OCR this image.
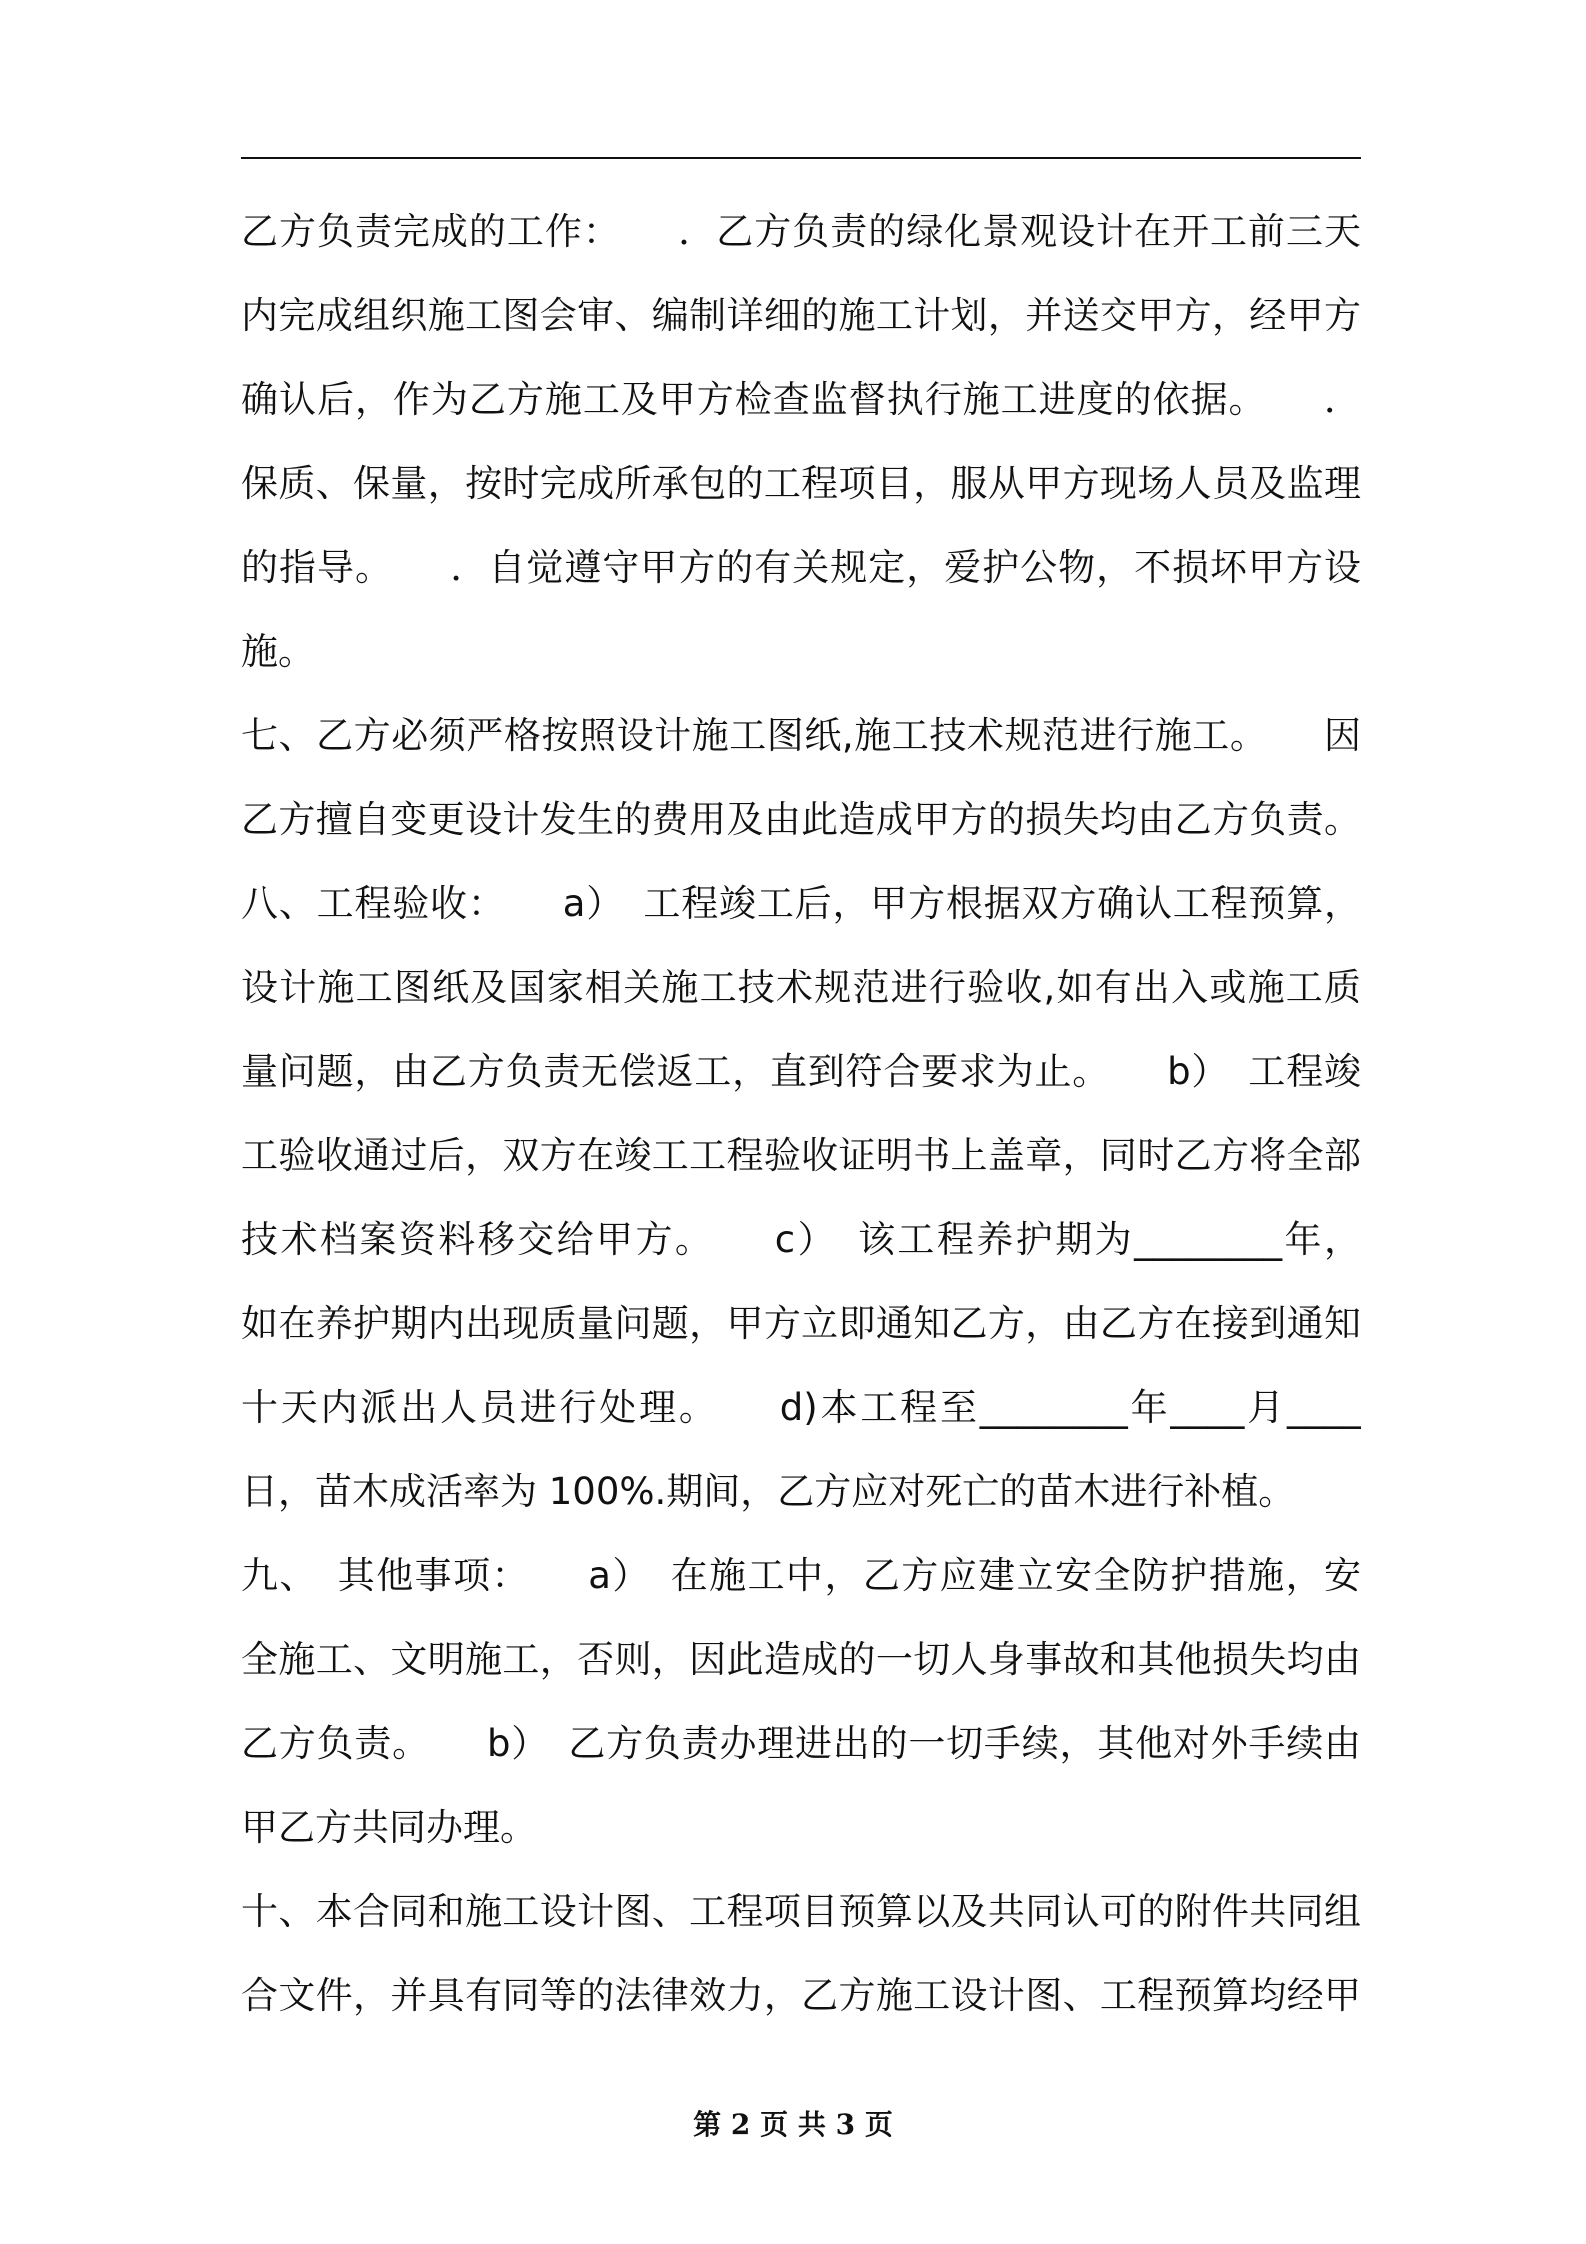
乙方负责完成的工作：　　．乙方负责的绿化景观设计在开工前三天
内完成组织施工图会审、编制详细的施工计划，并送交甲方，经甲方
确认后，作为乙方施工及甲方检查监督执行施工进度的依据。　　．
保质、保量，按时完成所承包的工程项目，服从甲方现场人员及监理
的指导。　　．自觉遵守甲方的有关规定，爱护公物，不损坏甲方设
施。
七、乙方必须严格按照设计施工图纸,施工技术规范进行施工。　　因
乙方擅自变更设计发生的费用及由此造成甲方的损失均由乙方负责。
八、工程验收：　　a）　工程竣工后，甲方根据双方确认工程预算，
设计施工图纸及国家相关施工技术规范进行验收,如有出入或施工质
量问题，由乙方负责无偿返工，直到符合要求为止。　　b）　工程竣
工验收通过后，双方在竣工工程验收证明书上盖章，同时乙方将全部
技术档案资料移交给甲方。　　c）　该工程养护期为________年，
如在养护期内出现质量问题，甲方立即通知乙方，由乙方在接到通知
十天内派出人员进行处理。　　d)本工程至________年____月____
日，苗木成活率为 100%.期间，乙方应对死亡的苗木进行补植。
九、　其他事项：　　a）　在施工中，乙方应建立安全防护措施，安
全施工、文明施工，否则，因此造成的一切人身事故和其他损失均由
乙方负责。　　b）　乙方负责办理进出的一切手续，其他对外手续由
甲乙方共同办理。
十、本合同和施工设计图、工程项目预算以及共同认可的附件共同组
合文件，并具有同等的法律效力，乙方施工设计图、工程预算均经甲
第 2 页 共 3 页
